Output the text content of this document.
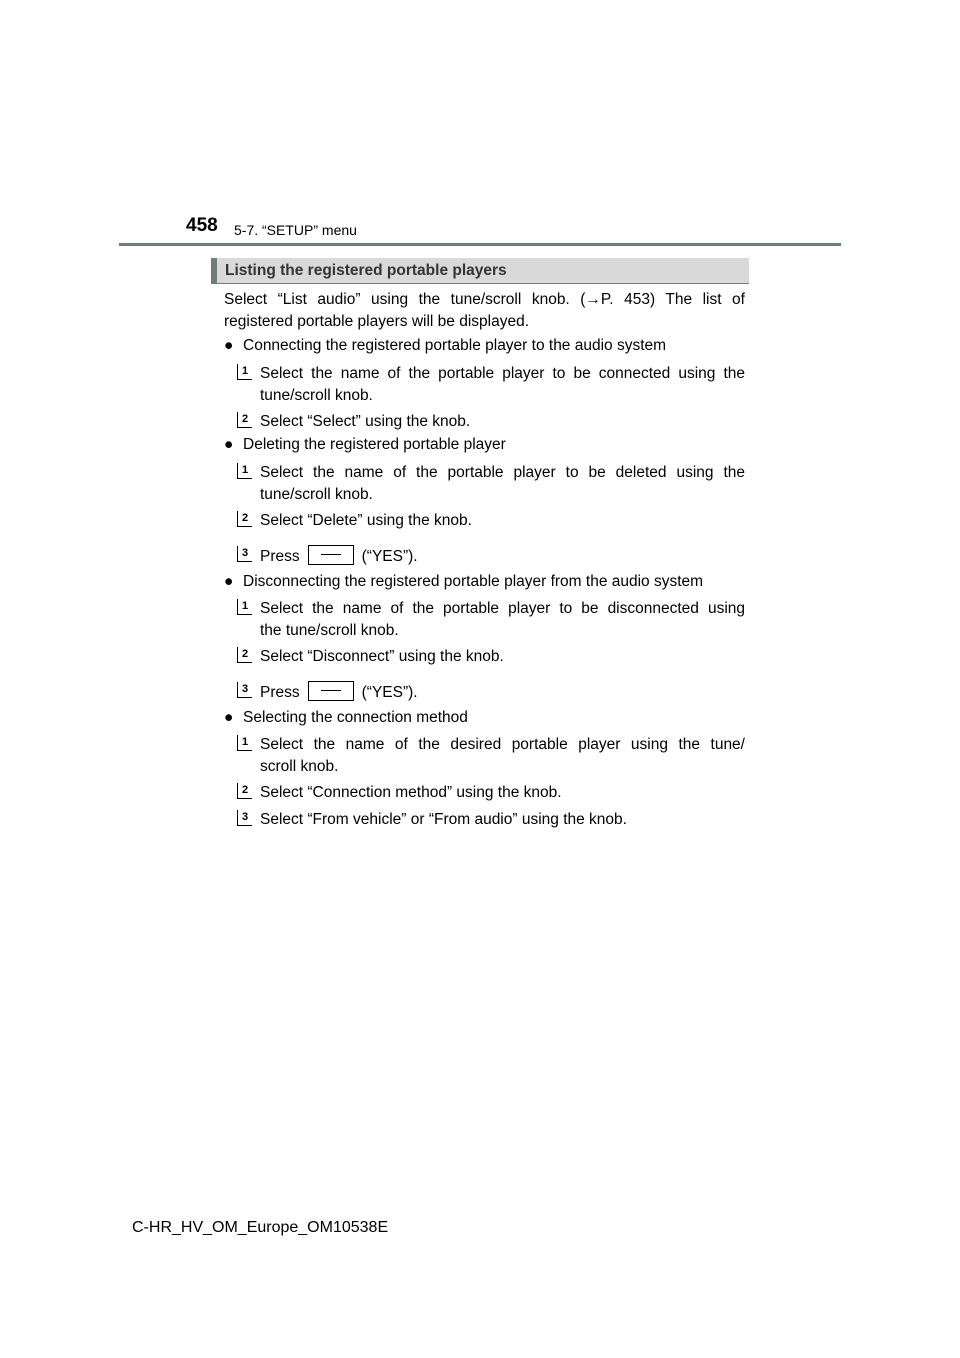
458 5-7. “SETUP” menu
Listing the registered portable players
Select “List audio” using the tune/scroll knob. (→P. 453) The list of
registered portable players will be displayed.
● Connecting the registered portable player to the audio system
1 Select the name of the portable player to be connected using the
tune/scroll knob.
2 Select “Select” using the knob.
● Deleting the registered portable player
1 Select the name of the portable player to be deleted using the
tune/scroll knob.
2 Select “Delete” using the knob.
3 Press	(“YES”).
● Disconnecting the registered portable player from the audio system
1 Select the name of the portable player to be disconnected using
the tune/scroll knob.
2 Select “Disconnect” using the knob.
3 Press	(“YES”).
● Selecting the connection method
1 Select the name of the desired portable player using the tune/
scroll knob.
2 Select “Connection method” using the knob.
3 Select “From vehicle” or “From audio” using the knob.
C-HR_HV_OM_Europe_OM10538E
